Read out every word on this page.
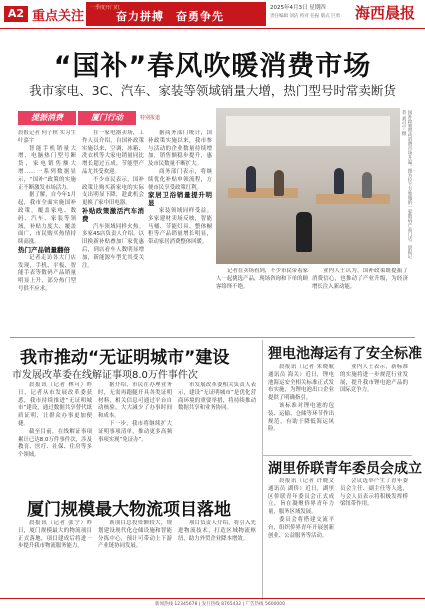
A2 重点关注
一季度开门红
奋力拼搏　奋勇争先
2025年4月3日 星期四
责任编辑 刘洁 校对 任振 版式 巨勇 海西晨报
“国补”春风吹暖消费市场
我市家电、3C、汽车、家装等领域销量大增，热门型号时常卖断货
提振消费	厦门行动	特别报道	国补政策带动消费市场升温。图为位于万象城的一家数码产品门店。晨报记者 刘可宁 摄

晨报记者 何子秋 实习生 叶嘉宇

智能手机销量大增、电脑热门型号断货、家电销售额大增……一系列数据显示，“国补”政策的实施正不断激发市场活力。

据了解，自今年1月起，我市全面实施国补政策，覆盖家电、数码、汽车、家装等领域，补贴力度大、覆盖面广，市民购买热情持续高涨。

热门产品销量翻倍

记者走访各大门店发现，手机、平板、智能手表等数码产品销量明显上升，部分热门型号供不应求。

在一家电器卖场，工作人员介绍，自国补政策实施以来，空调、冰箱、洗衣机等大家电销量同比增长超过五成，节能型产品尤其受欢迎。

不少市民表示，国补政策让购买新家电的实际支出明显下降，趁此机会更换了家中旧电器。

补贴政策激活汽车消费

汽车领域同样火热。多家4S店负责人介绍，以旧换新补贴叠加厂家优惠后，到店看车人数明显增加，新能源车型尤其受关注。

据商务部门统计，国补政策实施以来，我市参与活动的企业数量持续增加，销售额稳步提升，惠及市民数量不断扩大。

商务部门表示，将继续优化补贴申领流程，方便市民享受政策红利。

家居卫浴销量提升明显

家装领域同样受益。多家建材卖场反映，智能马桶、节能灯具、整体橱柜等产品销量增长明显，带动家居消费整体回暖。

记者在卖场看到，不少市民带着家人一起挑选产品，现场咨询和下单的顾客络绎不绝。

业内人士认为，国补政策既提振了消费信心，也推动了产业升级，为经济增长注入新动能。

我市推动“无证明城市”建设
市发展改革委在线解证事项8.0万件事件次

晨报讯（记者 林可）昨日，记者从市发展改革委获悉，我市持续推进“无证明城市”建设，通过数据共享替代纸质证明，让群众办事更加便捷。

截至目前，在线解证事项累计已达8.0万件事件次，涉及教育、医疗、社保、住房等多个领域。

据介绍，市民在办理业务时，无需再跑腿开具各类证明材料，相关信息可通过平台自动核验，大大减少了办事时间和成本。

下一步，我市将继续扩大证明事项清单，推动更多高频事项实现“免证办”。

市发展改革委相关负责人表示，建设“无证明城市”是优化营商环境的重要举措，将持续推动数据共享和业务协同。

厦门规模最大物流项目落地

晨报讯（记者 张宁）昨日，厦门规模最大的物流项目正式落地，项目建成后将进一步提升我市物流服务能力。

该项目总投资额较大，规划建设现代化仓储设施和智能分拣中心，预计可带动上下游产业链协同发展。

项目负责人介绍，将引入先进物流技术，打造区域物流枢纽，助力外贸企业降本增效。

狸电池海运有了安全标准

晨报讯（记者 朱晓航 通讯员 海关）近日，锂电池海运安全相关标准正式发布实施，为锂电池出口企业提供了明确指引。

该标准对锂电池的包装、运输、仓储等环节作出规范，有助于降低海运风险。

业内人士表示，新标准的实施将进一步规范行业发展，提升我市锂电池产品的国际竞争力。

湖里侨联青年委员会成立

晨报讯（记者 许晓文 通讯员 湖侨）近日，湖里区侨联青年委员会正式成立，旨在凝聚侨界青年力量，服务区域发展。

委员会将搭建交流平台，组织侨界青年开展创新创业、公益服务等活动。

会议选举产生了青年委员会主任、副主任等人选，与会人员表示将积极发挥桥梁纽带作用。

新闻热线 12345678 | 发行热线 8765432 | 广告热线 5600000
